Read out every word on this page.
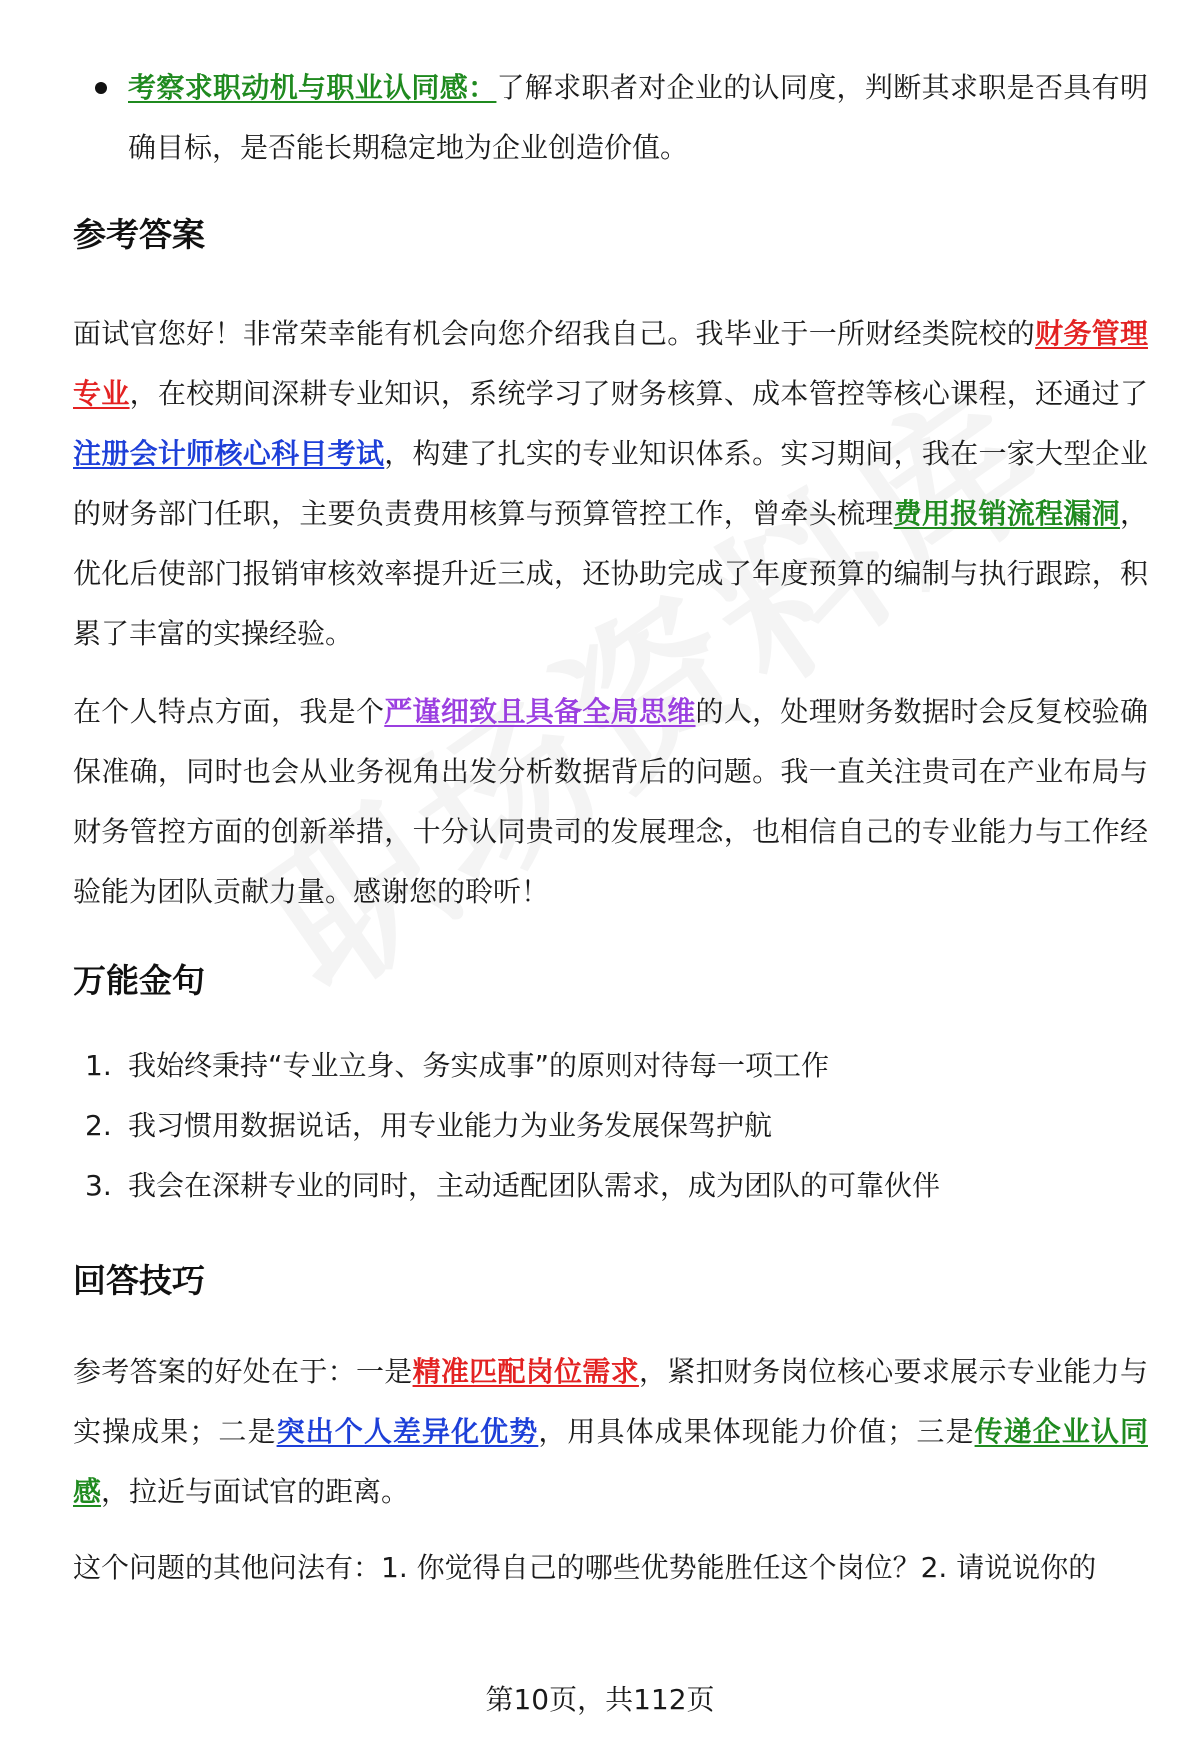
考察求职动机与职业认同感：了解求职者对企业的认同度，判断其求职是否具有明确目标，是否能长期稳定地为企业创造价值。

参考答案

面试官您好！非常荣幸能有机会向您介绍我自己。我毕业于一所财经类院校的财务管理专业，在校期间深耕专业知识，系统学习了财务核算、成本管控等核心课程，还通过了注册会计师核心科目考试，构建了扎实的专业知识体系。实习期间，我在一家大型企业的财务部门任职，主要负责费用核算与预算管控工作，曾牵头梳理费用报销流程漏洞，优化后使部门报销审核效率提升近三成，还协助完成了年度预算的编制与执行跟踪，积累了丰富的实操经验。

在个人特点方面，我是个严谨细致且具备全局思维的人，处理财务数据时会反复校验确保准确，同时也会从业务视角出发分析数据背后的问题。我一直关注贵司在产业布局与财务管控方面的创新举措，十分认同贵司的发展理念，也相信自己的专业能力与工作经验能为团队贡献力量。感谢您的聆听！

万能金句
1. 我始终秉持“专业立身、务实成事”的原则对待每一项工作
2. 我习惯用数据说话，用专业能力为业务发展保驾护航
3. 我会在深耕专业的同时，主动适配团队需求，成为团队的可靠伙伴
回答技巧

参考答案的好处在于：一是精准匹配岗位需求，紧扣财务岗位核心要求展示专业能力与实操成果；二是突出个人差异化优势，用具体成果体现能力价值；三是传递企业认同感，拉近与面试官的距离。

这个问题的其他问法有：1. 你觉得自己的哪些优势能胜任这个岗位？2. 请说说你的

第10页，共112页
